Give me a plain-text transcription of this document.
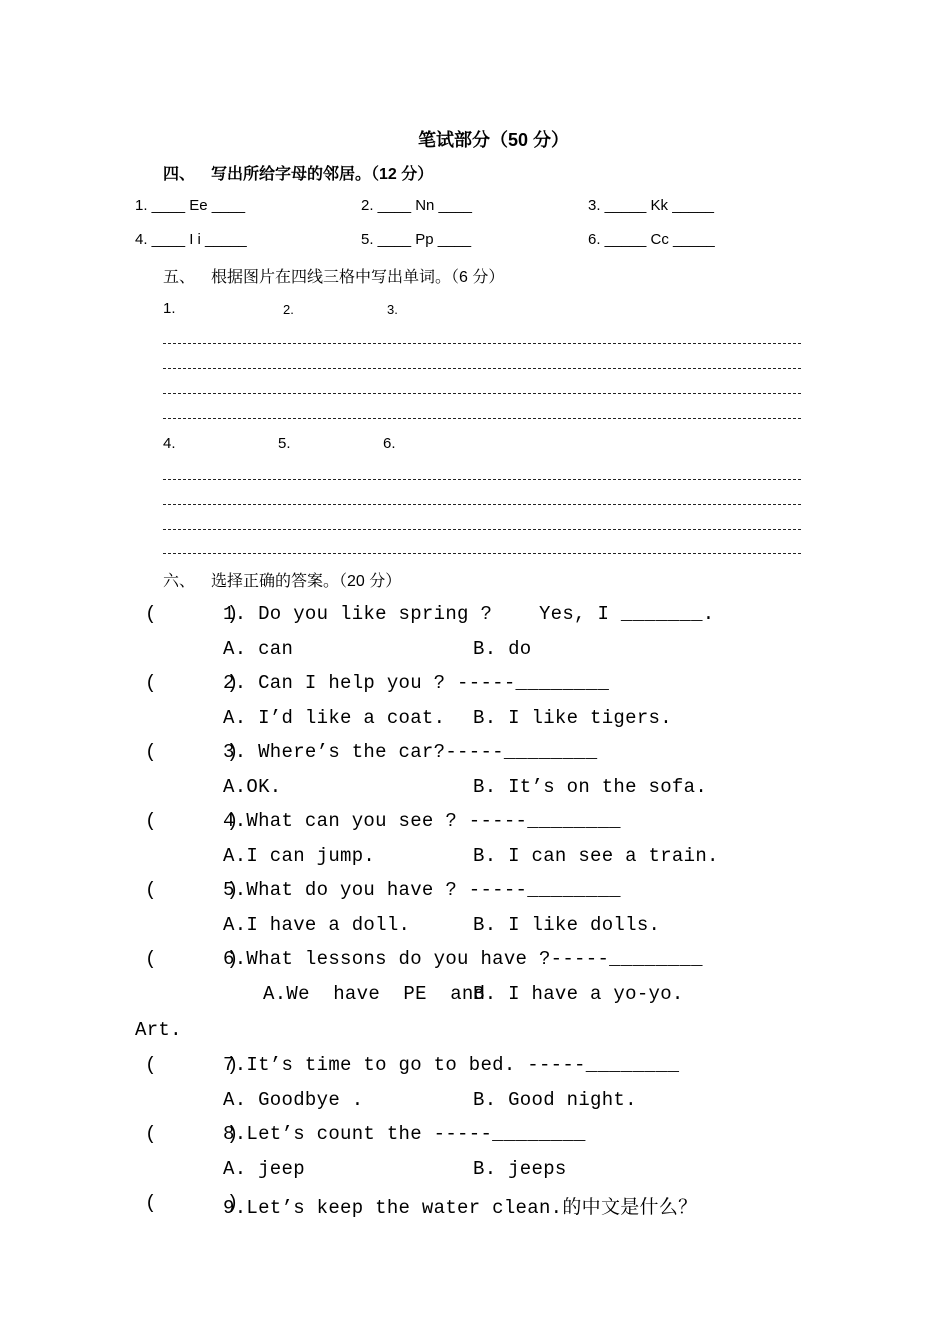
笔试部分（50 分）
四、 写出所给字母的邻居。（12 分）
1. ____ Ee ____	2. ____ Nn ____	3. _____ Kk _____
4. ____ I i _____	5. ____ Pp ____	6. _____ Cc _____
五、 根据图片在四线三格中写出单词。（6 分）
1.	2.	3.
4.	5.	6.
六、 选择正确的答案。（20 分）
(      )
1. Do you like spring ?    Yes, I _______.
A. can	B. do
(      )
2. Can I help you ? -----________
A. I’d like a coat. B. I like tigers.
(      )
3. Where’s the car?-----________
A.OK.	B. It’s on the sofa.
(      )
4.What can you see ? -----________
A.I can jump.	B. I can see a train.
(      )
5.What do you have ? -----________
A.I have a doll.	B. I like dolls.
(      )
6.What lessons do you have ?-----________
A.We  have  PE  and
B. I have a yo-yo.
Art.
(      )
7.It’s time to go to bed. -----________
A. Goodbye .	B. Good night.
(      )
8.Let’s count the -----________
A. jeep	B. jeeps
(      )
9.Let’s keep the water clean.的中文是什么？
